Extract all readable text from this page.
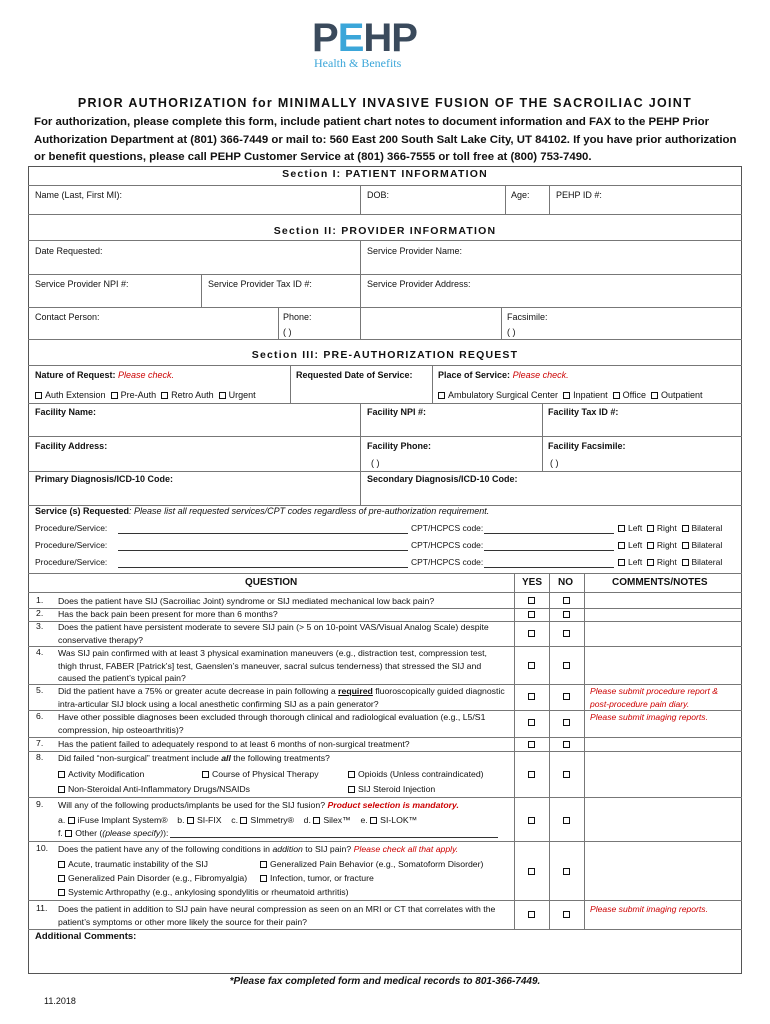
PEHP
Health & Benefits
PRIOR AUTHORIZATION for MINIMALLY INVASIVE FUSION OF THE SACROILIAC JOINT
For authorization, please complete this form, include patient chart notes to document information and FAX to the PEHP Prior Authorization Department at (801) 366-7449 or mail to: 560 East 200 South Salt Lake City, UT 84102. If you have prior authorization or benefit questions, please call PEHP Customer Service at (801) 366-7555 or toll free at (800) 753-7490.
Section I: PATIENT INFORMATION
Name (Last, First MI):	DOB:	Age:	PEHP ID #:
Section II: PROVIDER INFORMATION
Date Requested:	Service Provider Name:
Service Provider NPI #:	Service Provider Tax ID #:	Service Provider Address:
Contact Person:	Phone:
( )
Facsimile:
( )
Section III: PRE-AUTHORIZATION REQUEST
Nature of Request: Please check.	Requested Date of Service:	Place of Service: Please check.
Auth Extension Pre-Auth Retro Auth Urgent	Ambulatory Surgical Center Inpatient Office Outpatient
Facility Name:	Facility NPI #:	Facility Tax ID #:
Facility Address:	Facility Phone:
( )
Facility Facsimile:
( )
Primary Diagnosis/ICD-10 Code:	Secondary Diagnosis/ICD-10 Code:
Service (s) Requested: Please list all requested services/CPT codes regardless of pre-authorization requirement.
Procedure/Service:	CPT/HCPCS code:	Left Right Bilateral
Procedure/Service:	CPT/HCPCS code:	Left Right Bilateral
Procedure/Service:	CPT/HCPCS code:	Left Right Bilateral
QUESTION	YES NO	COMMENTS/NOTES
1. Does the patient have SIJ (Sacroiliac Joint) syndrome or SIJ mediated mechanical low back pain?
2. Has the back pain been present for more than 6 months?
3. Does the patient have persistent moderate to severe SIJ pain (> 5 on 10-point VAS/Visual Analog Scale) despite conservative therapy?
4. Was SIJ pain confirmed with at least 3 physical examination maneuvers (e.g., distraction test, compression test, thigh thrust, FABER [Patrick’s] test, Gaenslen’s maneuver, sacral sulcus tenderness) that stressed the SIJ and caused the patient’s typical pain?
5. Did the patient have a 75% or greater acute decrease in pain following a required fluoroscopically guided diagnostic intra-articular SIJ block using a local anesthetic confirming SIJ as a pain generator?
Please submit procedure report & post-procedure pain diary.
6. Have other possible diagnoses been excluded through thorough clinical and radiological evaluation (e.g., L5/S1 compression, hip osteoarthritis)?
Please submit imaging reports.
7. Has the patient failed to adequately respond to at least 6 months of non-surgical treatment?
8. Did failed “non-surgical” treatment include all the following treatments?
Activity Modification	Course of Physical Therapy	Opioids (Unless contraindicated)
Non-Steroidal Anti-Inflammatory Drugs/NSAIDs	SIJ Steroid Injection
9. Will any of the following products/implants be used for the SIJ fusion? Product selection is mandatory.
a. iFuse Implant System® b. SI-FIX c. SImmetry® d. Silex™ e. SI-LOK™
f. Other ((please specify)):
10. Does the patient have any of the following conditions in addition to SIJ pain? Please check all that apply.
Acute, traumatic instability of the SIJ	Generalized Pain Behavior (e.g., Somatoform Disorder)
Generalized Pain Disorder (e.g., Fibromyalgia)	Infection, tumor, or fracture
Systemic Arthropathy (e.g., ankylosing spondylitis or rheumatoid arthritis)
11. Does the patient in addition to SIJ pain have neural compression as seen on an MRI or CT that correlates with the patient’s symptoms or other more likely the source for their pain?
Please submit imaging reports.
Additional Comments:
*Please fax completed form and medical records to 801-366-7449.
11.2018
